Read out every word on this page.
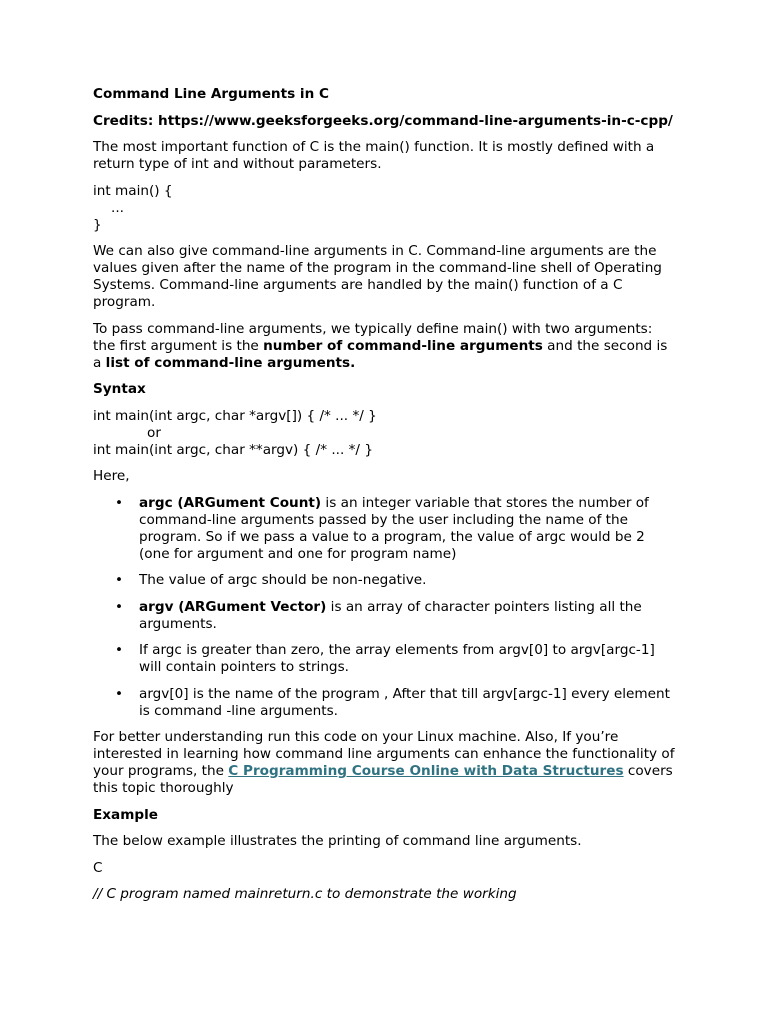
Command Line Arguments in C

Credits: https://www.geeksforgeeks.org/command-line-arguments-in-c-cpp/

The most important function of C is the main() function. It is mostly defined with a return type of int and without parameters.

int main() {
...
}

We can also give command-line arguments in C. Command-line arguments are the values given after the name of the program in the command-line shell of Operating Systems. Command-line arguments are handled by the main() function of a C program.

To pass command-line arguments, we typically define main() with two arguments: the first argument is the number of command-line arguments and the second is a list of command-line arguments.

Syntax

int main(int argc, char *argv[]) { /* ... */ }
or
int main(int argc, char **argv) { /* ... */ }

Here,

• argc (ARGument Count) is an integer variable that stores the number of command-line arguments passed by the user including the name of the program. So if we pass a value to a program, the value of argc would be 2 (one for argument and one for program name)
• The value of argc should be non-negative.
• argv (ARGument Vector) is an array of character pointers listing all the arguments.
• If argc is greater than zero, the array elements from argv[0] to argv[argc-1] will contain pointers to strings.
• argv[0] is the name of the program , After that till argv[argc-1] every element is command -line arguments.

For better understanding run this code on your Linux machine. Also, If you’re interested in learning how command line arguments can enhance the functionality of your programs, the C Programming Course Online with Data Structures covers this topic thoroughly

Example

The below example illustrates the printing of command line arguments.

C

// C program named mainreturn.c to demonstrate the working
